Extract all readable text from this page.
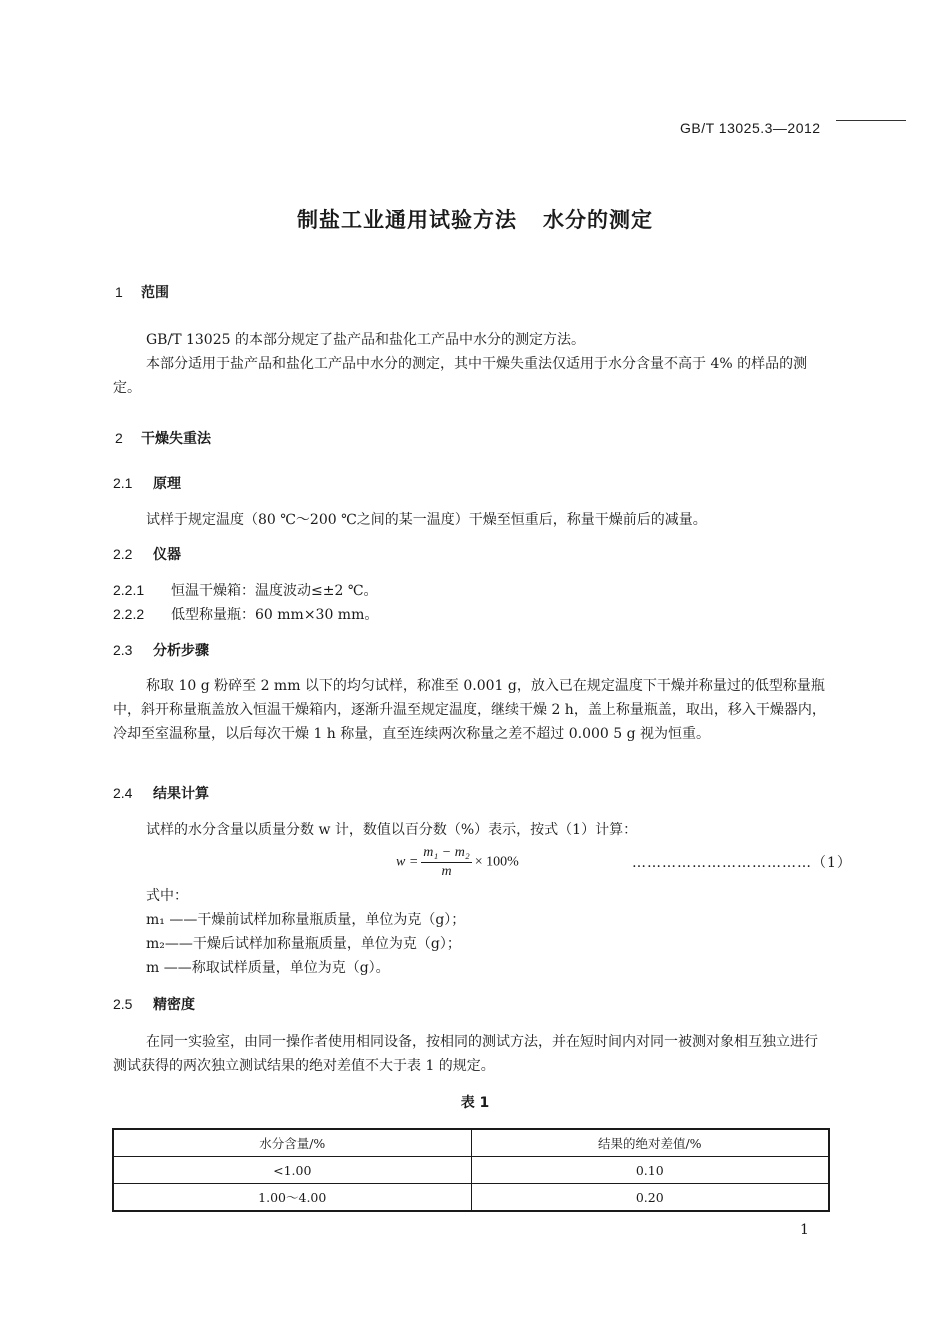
GB/T 13025.3—2012
制盐工业通用试验方法 水分的测定
1 范围
GB/T 13025 的本部分规定了盐产品和盐化工产品中水分的测定方法。
本部分适用于盐产品和盐化工产品中水分的测定，其中干燥失重法仅适用于水分含量不高于 4% 的样品的测定。
2 干燥失重法
2.1 原理
试样于规定温度（80 ℃～200 ℃之间的某一温度）干燥至恒重后，称量干燥前后的减量。
2.2 仪器
2.2.1 恒温干燥箱：温度波动≤±2 ℃。
2.2.2 低型称量瓶：60 mm×30 mm。
2.3 分析步骤
称取 10 g 粉碎至 2 mm 以下的均匀试样，称准至 0.001 g，放入已在规定温度下干燥并称量过的低型称量瓶中，斜开称量瓶盖放入恒温干燥箱内，逐渐升温至规定温度，继续干燥 2 h，盖上称量瓶盖，取出，移入干燥器内，冷却至室温称量，以后每次干燥 1 h 称量，直至连续两次称量之差不超过 0.000 5 g 视为恒重。
2.4 结果计算
试样的水分含量以质量分数 w 计，数值以百分数（%）表示，按式（1）计算：
$w = \frac{\text{m₁ − m₂}}{m} \times 100\%$	………………………………（1）
式中：
m₁ ——干燥前试样加称量瓶质量，单位为克（g）；
m₂——干燥后试样加称量瓶质量，单位为克（g）；
m ——称取试样质量，单位为克（g）。
2.5 精密度
在同一实验室，由同一操作者使用相同设备，按相同的测试方法，并在短时间内对同一被测对象相互独立进行测试获得的两次独立测试结果的绝对差值不大于表 1 的规定。
表 1
水分含量/%	结果的绝对差值/%
<1.00	0.10
1.00～4.00	0.20
1
